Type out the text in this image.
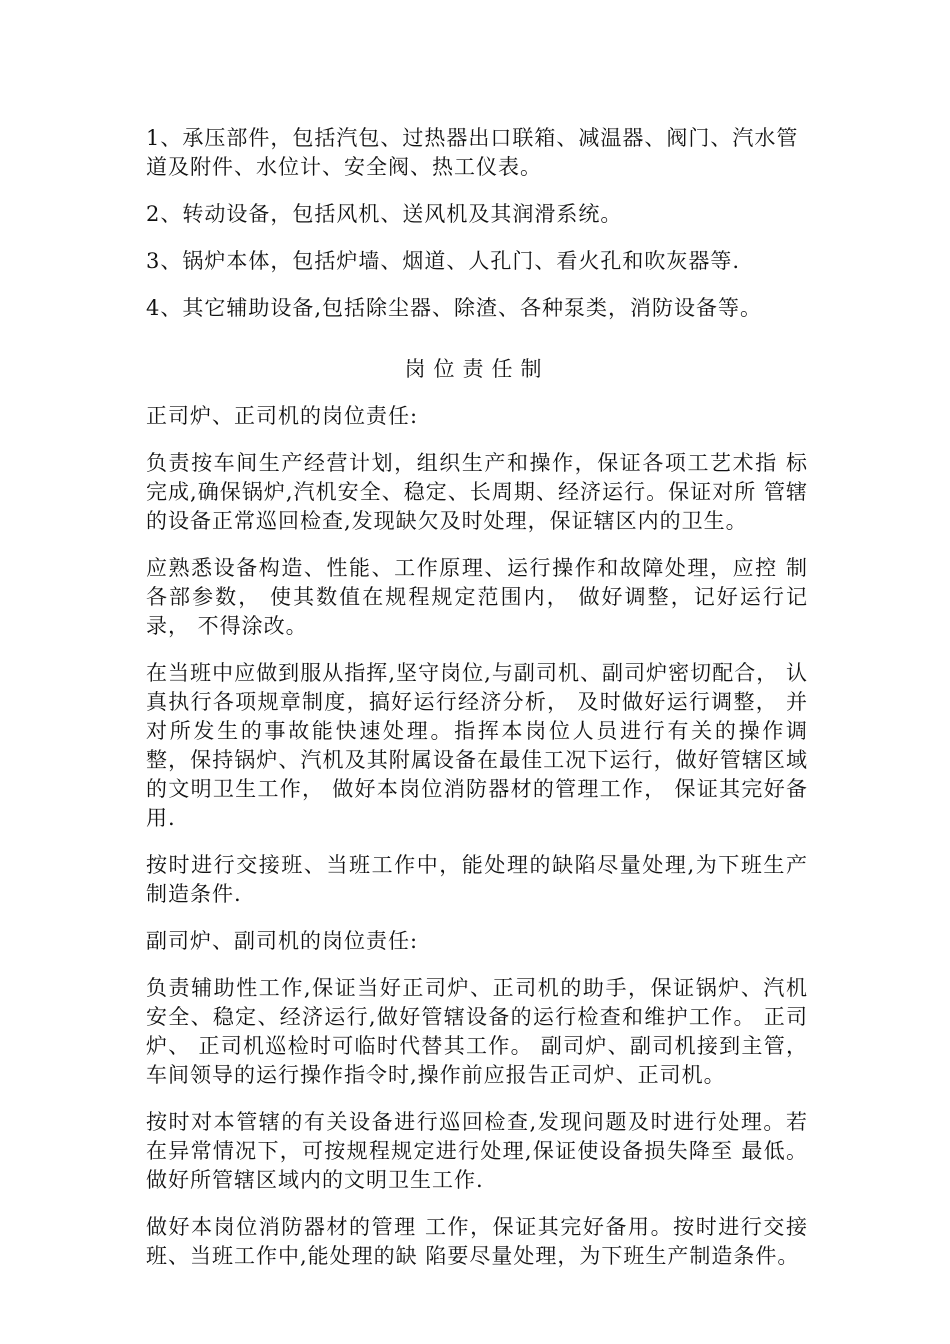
1、承压部件，包括汽包、过热器出口联箱、减温器、阀门、汽水管道及附件、水位计、安全阀、热工仪表。

2、转动设备，包括风机、送风机及其润滑系统。

3、锅炉本体，包括炉墙、烟道、人孔门、看火孔和吹灰器等.

4、其它辅助设备,包括除尘器、除渣、各种泵类，消防设备等。

岗位责任制

正司炉、正司机的岗位责任:

负责按车间生产经营计划，组织生产和操作，保证各项工艺术指 标完成,确保锅炉,汽机安全、稳定、长周期、经济运行。保证对所 管辖的设备正常巡回检查,发现缺欠及时处理，保证辖区内的卫生。

应熟悉设备构造、性能、工作原理、运行操作和故障处理，应控 制各部参数， 使其数值在规程规定范围内， 做好调整，记好运行记录， 不得涂改。

在当班中应做到服从指挥,坚守岗位,与副司机、副司炉密切配合， 认真执行各项规章制度，搞好运行经济分析， 及时做好运行调整， 并对所发生的事故能快速处理。指挥本岗位人员进行有关的操作调 整，保持锅炉、汽机及其附属设备在最佳工况下运行，做好管辖区域 的文明卫生工作， 做好本岗位消防器材的管理工作， 保证其完好备用.

按时进行交接班、当班工作中，能处理的缺陷尽量处理,为下班生产制造条件.

副司炉、副司机的岗位责任:

负责辅助性工作,保证当好正司炉、正司机的助手，保证锅炉、汽机安全、稳定、经济运行,做好管辖设备的运行检查和维护工作。 正司炉、 正司机巡检时可临时代替其工作。 副司炉、副司机接到主管， 车间领导的运行操作指令时,操作前应报告正司炉、正司机。

按时对本管辖的有关设备进行巡回检查,发现问题及时进行处理。若在异常情况下，可按规程规定进行处理,保证使设备损失降至 最低。 做好所管辖区域内的文明卫生工作.

做好本岗位消防器材的管理 工作，保证其完好备用。按时进行交接班、当班工作中,能处理的缺 陷要尽量处理，为下班生产制造条件。
